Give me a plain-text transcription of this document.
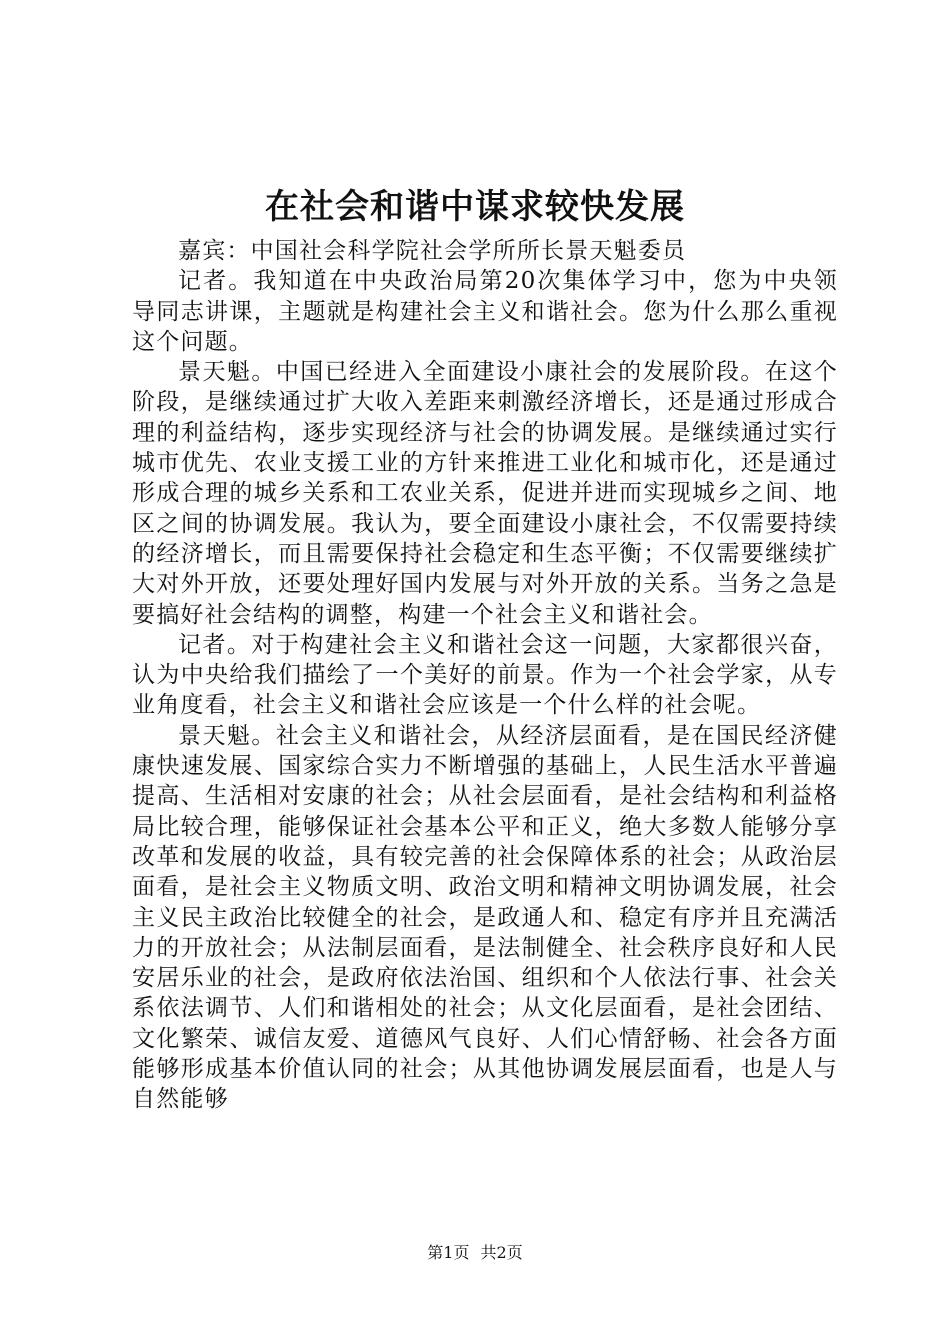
在社会和谐中谋求较快发展

嘉宾：中国社会科学院社会学所所长景天魁委员

记者。我知道在中央政治局第20次集体学习中，您为中央领导同志讲课，主题就是构建社会主义和谐社会。您为什么那么重视这个问题。

景天魁。中国已经进入全面建设小康社会的发展阶段。在这个阶段，是继续通过扩大收入差距来刺激经济增长，还是通过形成合理的利益结构，逐步实现经济与社会的协调发展。是继续通过实行城市优先、农业支援工业的方针来推进工业化和城市化，还是通过形成合理的城乡关系和工农业关系，促进并进而实现城乡之间、地区之间的协调发展。我认为，要全面建设小康社会，不仅需要持续的经济增长，而且需要保持社会稳定和生态平衡；不仅需要继续扩大对外开放，还要处理好国内发展与对外开放的关系。当务之急是要搞好社会结构的调整，构建一个社会主义和谐社会。

记者。对于构建社会主义和谐社会这一问题，大家都很兴奋，认为中央给我们描绘了一个美好的前景。作为一个社会学家，从专业角度看，社会主义和谐社会应该是一个什么样的社会呢。

景天魁。社会主义和谐社会，从经济层面看，是在国民经济健康快速发展、国家综合实力不断增强的基础上，人民生活水平普遍提高、生活相对安康的社会；从社会层面看，是社会结构和利益格局比较合理，能够保证社会基本公平和正义，绝大多数人能够分享改革和发展的收益，具有较完善的社会保障体系的社会；从政治层面看，是社会主义物质文明、政治文明和精神文明协调发展，社会主义民主政治比较健全的社会，是政通人和、稳定有序并且充满活力的开放社会；从法制层面看，是法制健全、社会秩序良好和人民安居乐业的社会，是政府依法治国、组织和个人依法行事、社会关系依法调节、人们和谐相处的社会；从文化层面看，是社会团结、文化繁荣、诚信友爱、道德风气良好、人们心情舒畅、社会各方面能够形成基本价值认同的社会；从其他协调发展层面看，也是人与自然能够

第1页 共2页
